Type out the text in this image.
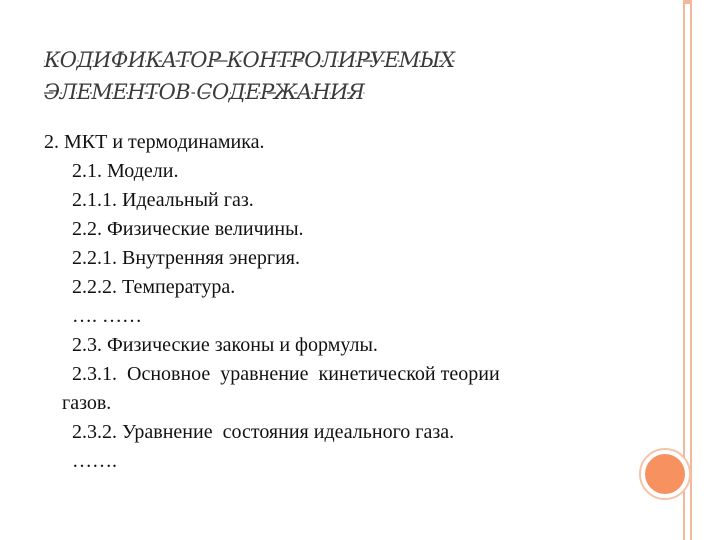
КОДИФИКАТОР КОНТРОЛИРУЕМЫХ
ЭЛЕМЕНТОВ СОДЕРЖАНИЯ
2. МКТ и термодинамика.
2.1. Модели.
2.1.1. Идеальный газ.
2.2. Физические величины.
2.2.1. Внутренняя энергия.
2.2.2. Температура.
…. ……
2.3. Физические законы и формулы.
2.3.1.  Основное  уравнение  кинетической теории
газов.
2.3.2. Уравнение  состояния идеального газа.
…….
